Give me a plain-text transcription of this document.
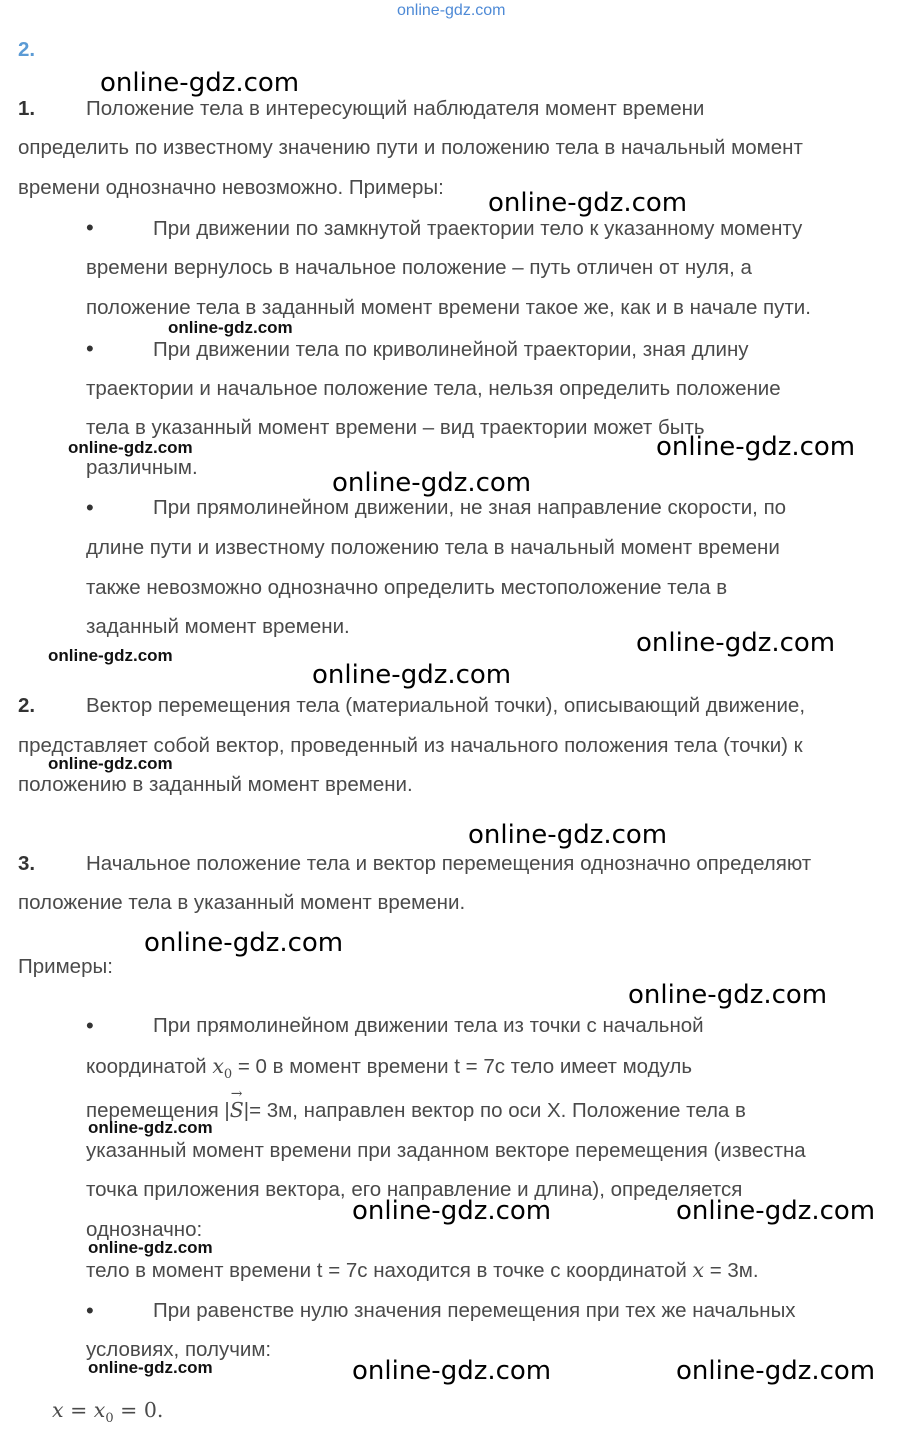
online-gdz.com
2.
1. Положение тела в интересующий наблюдателя момент времени
определить по известному значению пути и положению тела в начальный момент
времени однозначно невозможно. Примеры:
•	При движении по замкнутой траектории тело к указанному моменту
времени вернулось в начальное положение – путь отличен от нуля, а
положение тела в заданный момент времени такое же, как и в начале пути.
•	При движении тела по криволинейной траектории, зная длину
траектории и начальное положение тела, нельзя определить положение
тела в указанный момент времени – вид траектории может быть
различным.
•	При прямолинейном движении, не зная направление скорости, по
длине пути и известному положению тела в начальный момент времени
также невозможно однозначно определить местоположение тела в
заданный момент времени.
2. Вектор перемещения тела (материальной точки), описывающий движение,
представляет собой вектор, проведенный из начального положения тела (точки) к
положению в заданный момент времени.
3. Начальное положение тела и вектор перемещения однозначно определяют
положение тела в указанный момент времени.
Примеры:
•	При прямолинейном движении тела из точки с начальной
координатой $x_0 = 0$ в момент времени t = 7с тело имеет модуль
перемещения |
→
S|= 3м, направлен вектор по оси X. Положение тела в
указанный момент времени при заданном векторе перемещения (известна
точка приложения вектора, его направление и длина), определяется
однозначно:
тело в момент времени t = 7с находится в точке с координатой x = 3м.
•	При равенстве нулю значения перемещения при тех же начальных
условиях, получим:
$x = x_0 = 0$.
online-gdz.com
online-gdz.com
online-gdz.com
online-gdz.com	online-gdz.com
online-gdz.com
online-gdz.com
online-gdz.com
online-gdz.com
online-gdz.com
online-gdz.com
online-gdz.com
online-gdz.com
online-gdz.com
online-gdz.com	online-gdz.com
online-gdz.com
online-gdz.com	online-gdz.com	online-gdz.com
